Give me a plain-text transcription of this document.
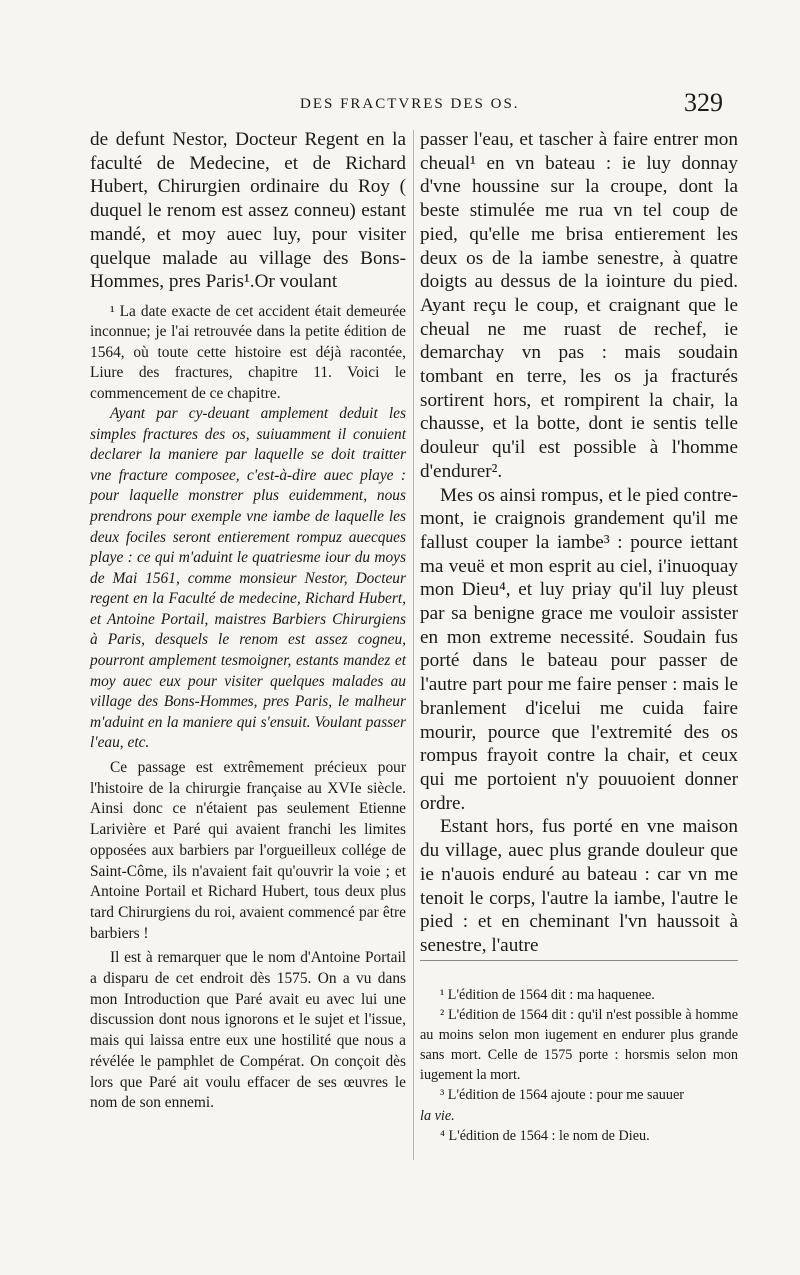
DES FRACTVRES DES OS.	329

de defunt Nestor, Docteur Regent en la faculté de Medecine, et de Richard Hubert, Chirurgien ordinaire du Roy ( duquel le renom est assez conneu) estant mandé, et moy auec luy, pour visiter quelque malade au village des Bons-Hommes, pres Paris¹.Or voulant

¹ La date exacte de cet accident était demeurée inconnue; je l'ai retrouvée dans la petite édition de 1564, où toute cette histoire est déjà racontée, Liure des fractures, chapitre 11. Voici le commencement de ce chapitre.

Ayant par cy-deuant amplement deduit les simples fractures des os, suiuamment il conuient declarer la maniere par laquelle se doit traitter vne fracture composee, c'est-à-dire auec playe : pour laquelle monstrer plus euidemment, nous prendrons pour exemple vne iambe de laquelle les deux fociles seront entierement rompuz auecques playe : ce qui m'aduint le quatriesme iour du moys de Mai 1561, comme monsieur Nestor, Docteur regent en la Faculté de medecine, Richard Hubert, et Antoine Portail, maistres Barbiers Chirurgiens à Paris, desquels le renom est assez cogneu, pourront amplement tesmoigner, estants mandez et moy auec eux pour visiter quelques malades au village des Bons-Hommes, pres Paris, le malheur m'aduint en la maniere qui s'ensuit. Voulant passer l'eau, etc.

Ce passage est extrêmement précieux pour l'histoire de la chirurgie française au XVIe siècle. Ainsi donc ce n'étaient pas seulement Etienne Larivière et Paré qui avaient franchi les limites opposées aux barbiers par l'orgueilleux collége de Saint-Côme, ils n'avaient fait qu'ouvrir la voie ; et Antoine Portail et Richard Hubert, tous deux plus tard Chirurgiens du roi, avaient commencé par être barbiers !

Il est à remarquer que le nom d'Antoine Portail a disparu de cet endroit dès 1575. On a vu dans mon Introduction que Paré avait eu avec lui une discussion dont nous ignorons et le sujet et l'issue, mais qui laissa entre eux une hostilité que nous a révélée le pamphlet de Compérat. On conçoit dès lors que Paré ait voulu effacer de ses œuvres le nom de son ennemi.

passer l'eau, et tascher à faire entrer mon cheual¹ en vn bateau : ie luy donnay d'vne houssine sur la croupe, dont la beste stimulée me rua vn tel coup de pied, qu'elle me brisa entierement les deux os de la iambe senestre, à quatre doigts au dessus de la iointure du pied. Ayant reçu le coup, et craignant que le cheual ne me ruast de rechef, ie demarchay vn pas : mais soudain tombant en terre, les os ja fracturés sortirent hors, et rompirent la chair, la chausse, et la botte, dont ie sentis telle douleur qu'il est possible à l'homme d'endurer².

Mes os ainsi rompus, et le pied contre-mont, ie craignois grandement qu'il me fallust couper la iambe³ : pource iettant ma veuë et mon esprit au ciel, i'inuoquay mon Dieu⁴, et luy priay qu'il luy pleust par sa benigne grace me vouloir assister en mon extreme necessité. Soudain fus porté dans le bateau pour passer de l'autre part pour me faire penser : mais le branlement d'icelui me cuida faire mourir, pource que l'extremité des os rompus frayoit contre la chair, et ceux qui me portoient n'y pouuoient donner ordre.

Estant hors, fus porté en vne maison du village, auec plus grande douleur que ie n'auois enduré au bateau : car vn me tenoit le corps, l'autre la iambe, l'autre le pied : et en cheminant l'vn haussoit à senestre, l'autre

¹ L'édition de 1564 dit : ma haquenee.

² L'édition de 1564 dit : qu'il n'est possible à homme au moins selon mon iugement en endurer plus grande sans mort. Celle de 1575 porte : horsmis selon mon iugement la mort.

³ L'édition de 1564 ajoute : pour me sauuer

la vie.

⁴ L'édition de 1564 : le nom de Dieu.
